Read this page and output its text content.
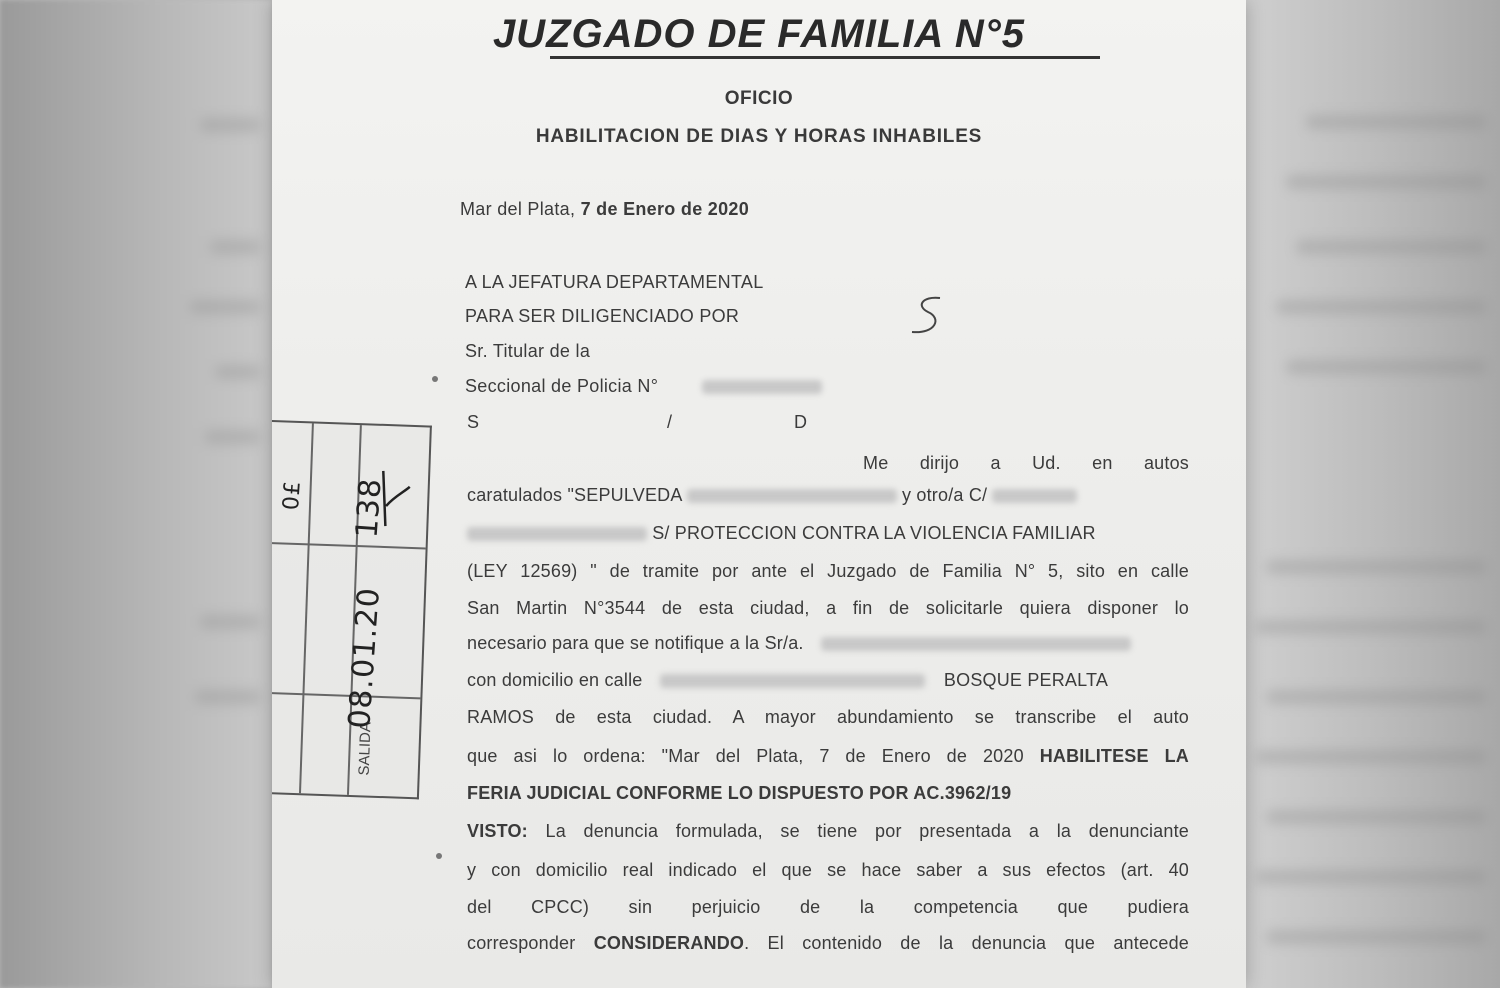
JUZGADO DE FAMILIA N°5
OFICIO
HABILITACION DE DIAS Y HORAS INHABILES
Mar del Plata, 7 de Enero de 2020
A LA JEFATURA DEPARTAMENTAL
PARA SER DILIGENCIADO POR
Sr. Titular de la
Seccional de Policia N°
S	/	D
Me dirijo a Ud. en autos
caratulados "SEPULVEDA	y otro/a C/
S/ PROTECCION CONTRA LA VIOLENCIA FAMILIAR
(LEY 12569) " de tramite por ante el Juzgado de Familia N° 5, sito en calle
San Martin N°3544 de esta ciudad, a fin de solicitarle quiera disponer lo
necesario para que se notifique a la Sr/a.
con domicilio en calle	BOSQUE PERALTA
RAMOS de esta ciudad. A mayor abundamiento se transcribe el auto
que asi lo ordena: "Mar del Plata, 7 de Enero de 2020 HABILITESE LA
FERIA JUDICIAL CONFORME LO DISPUESTO POR AC.3962/19
VISTO: La denuncia formulada, se tiene por presentada a la denunciante
y con domicilio real indicado el que se hace saber a sus efectos (art. 40
del CPCC) sin perjuicio de la competencia que pudiera
corresponder CONSIDERANDO. El contenido de la denuncia que antecede
SALIDA
0£
08.01.20
138
